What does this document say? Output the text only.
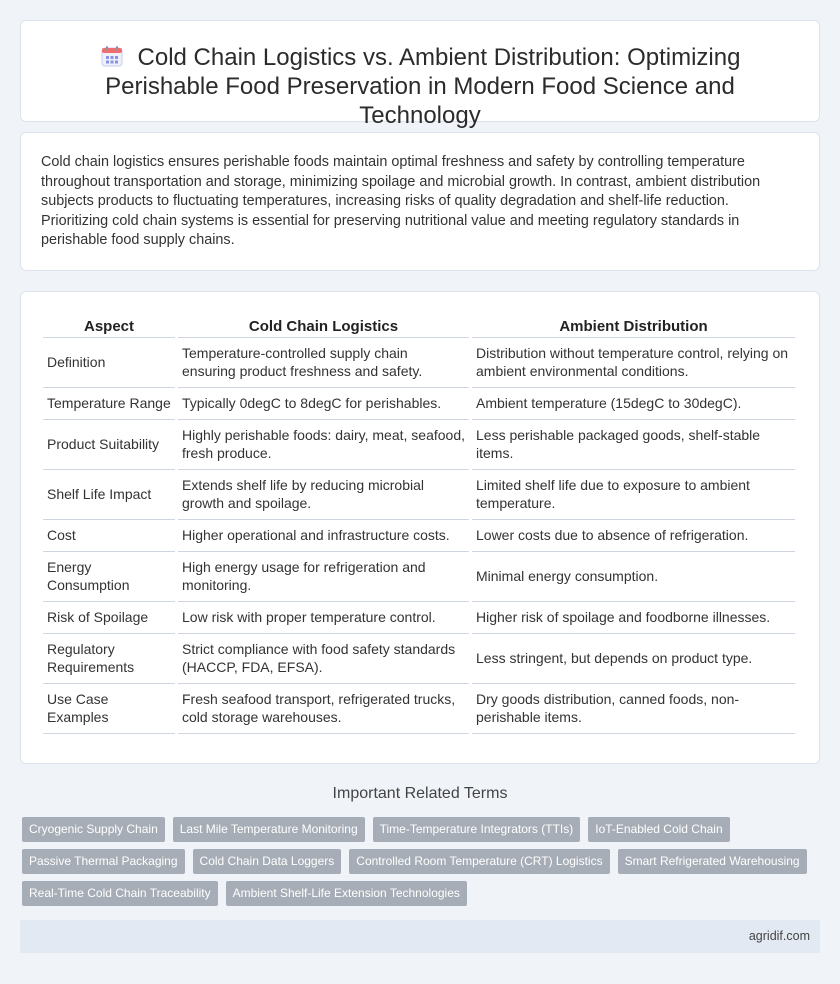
Cold Chain Logistics vs. Ambient Distribution: Optimizing Perishable Food Preservation in Modern Food Science and Technology

Cold chain logistics ensures perishable foods maintain optimal freshness and safety by controlling temperature throughout transportation and storage, minimizing spoilage and microbial growth. In contrast, ambient distribution subjects products to fluctuating temperatures, increasing risks of quality degradation and shelf-life reduction. Prioritizing cold chain systems is essential for preserving nutritional value and meeting regulatory standards in perishable food supply chains.

Aspect	Cold Chain Logistics	Ambient Distribution
Definition	Temperature-controlled supply chain ensuring product freshness and safety.	Distribution without temperature control, relying on ambient environmental conditions.
Temperature Range	Typically 0degC to 8degC for perishables.	Ambient temperature (15degC to 30degC).
Product Suitability	Highly perishable foods: dairy, meat, seafood, fresh produce.	Less perishable packaged goods, shelf-stable items.
Shelf Life Impact	Extends shelf life by reducing microbial growth and spoilage.	Limited shelf life due to exposure to ambient temperature.
Cost	Higher operational and infrastructure costs.	Lower costs due to absence of refrigeration.
Energy Consumption	High energy usage for refrigeration and monitoring.	Minimal energy consumption.
Risk of Spoilage	Low risk with proper temperature control.	Higher risk of spoilage and foodborne illnesses.
Regulatory Requirements	Strict compliance with food safety standards (HACCP, FDA, EFSA).	Less stringent, but depends on product type.
Use Case Examples	Fresh seafood transport, refrigerated trucks, cold storage warehouses.	Dry goods distribution, canned foods, non-perishable items.
Important Related Terms
Cryogenic Supply Chain	Last Mile Temperature Monitoring	Time-Temperature Integrators (TTIs)	IoT-Enabled Cold Chain
Passive Thermal Packaging	Cold Chain Data Loggers	Controlled Room Temperature (CRT) Logistics	Smart Refrigerated Warehousing
Real-Time Cold Chain Traceability	Ambient Shelf-Life Extension Technologies
agridif.com
